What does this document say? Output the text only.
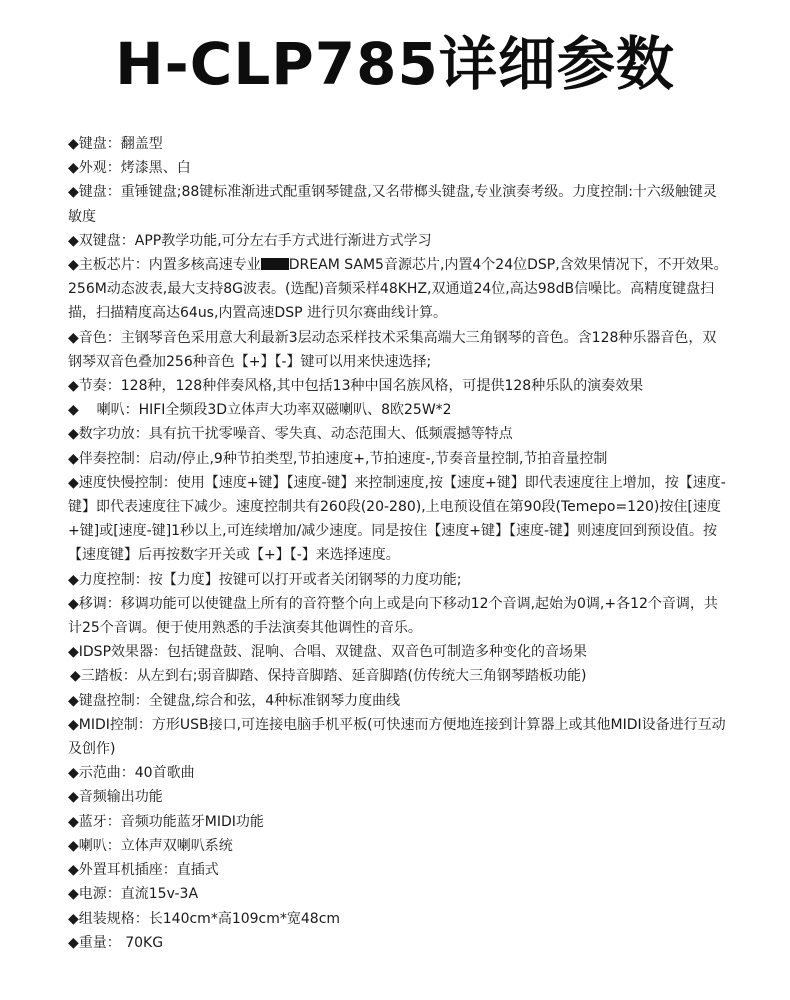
H-CLP785详细参数
◆键盘：翻盖型
◆外观：烤漆黑、白
◆键盘：重锤键盘;88键标准渐进式配重钢琴键盘,又名带榔头键盘,专业演奏考级。力度控制:十六级触键灵敏度
◆双键盘：APP教学功能,可分左右手方式进行渐进方式学习
◆主板芯片：内置多核高速专业 DREAM SAM5音源芯片,内置4个24位DSP,含效果情况下，不开效果。256M动态波表,最大支持8G波表。(选配)音频采样48KHZ,双通道24位,高达98dB信噪比。高精度键盘扫描，扫描精度高达64us,内置高速DSP 进行贝尔赛曲线计算。
◆音色：主钢琴音色采用意大利最新3层动态采样技术采集高端大三角钢琴的音色。含128种乐器音色，双钢琴双音色叠加256种音色【+】【-】键可以用来快速选择;
◆节奏：128种，128种伴奏风格,其中包括13种中国名族风格，可提供128种乐队的演奏效果
◆    喇叭：HIFI全频段3D立体声大功率双磁喇叭、8欧25W*2
◆数字功放：具有抗干扰零噪音、零失真、动态范围大、低频震撼等特点
◆伴奏控制：启动/停止,9种节拍类型,节拍速度+,节拍速度-,节奏音量控制,节拍音量控制
◆速度快慢控制：使用【速度+键】【速度-键】来控制速度,按【速度+键】即代表速度往上增加，按【速度-键】即代表速度往下减少。速度控制共有260段(20-280),上电预设值在第90段(Temepo=120)按住[速度+键]或[速度-键]1秒以上,可连续增加/减少速度。同是按住【速度+键】【速度-键】则速度回到预设值。按【速度键】后再按数字开关或【+】【-】来选择速度。
◆力度控制：按【力度】按键可以打开或者关闭钢琴的力度功能;
◆移调：移调功能可以使键盘上所有的音符整个向上或是向下移动12个音调,起始为0调,+各12个音调，共计25个音调。便于使用熟悉的手法演奏其他调性的音乐。
◆IDSP效果器：包括键盘鼓、混响、合唱、双键盘、双音色可制造多种变化的音场果
◆三踏板：从左到右;弱音脚踏、保持音脚踏、延音脚踏(仿传统大三角钢琴踏板功能)
◆键盘控制：全键盘,综合和弦，4种标准钢琴力度曲线
◆MIDI控制：方形USB接口,可连接电脑手机平板(可快速而方便地连接到计算器上或其他MIDI设备进行互动及创作)
◆示范曲：40首歌曲
◆音频输出功能
◆蓝牙：音频功能蓝牙MIDI功能
◆喇叭：立体声双喇叭系统
◆外置耳机插座：直插式
◆电源：直流15v-3A
◆组装规格：长140cm*高109cm*宽48cm
◆重量： 70KG
